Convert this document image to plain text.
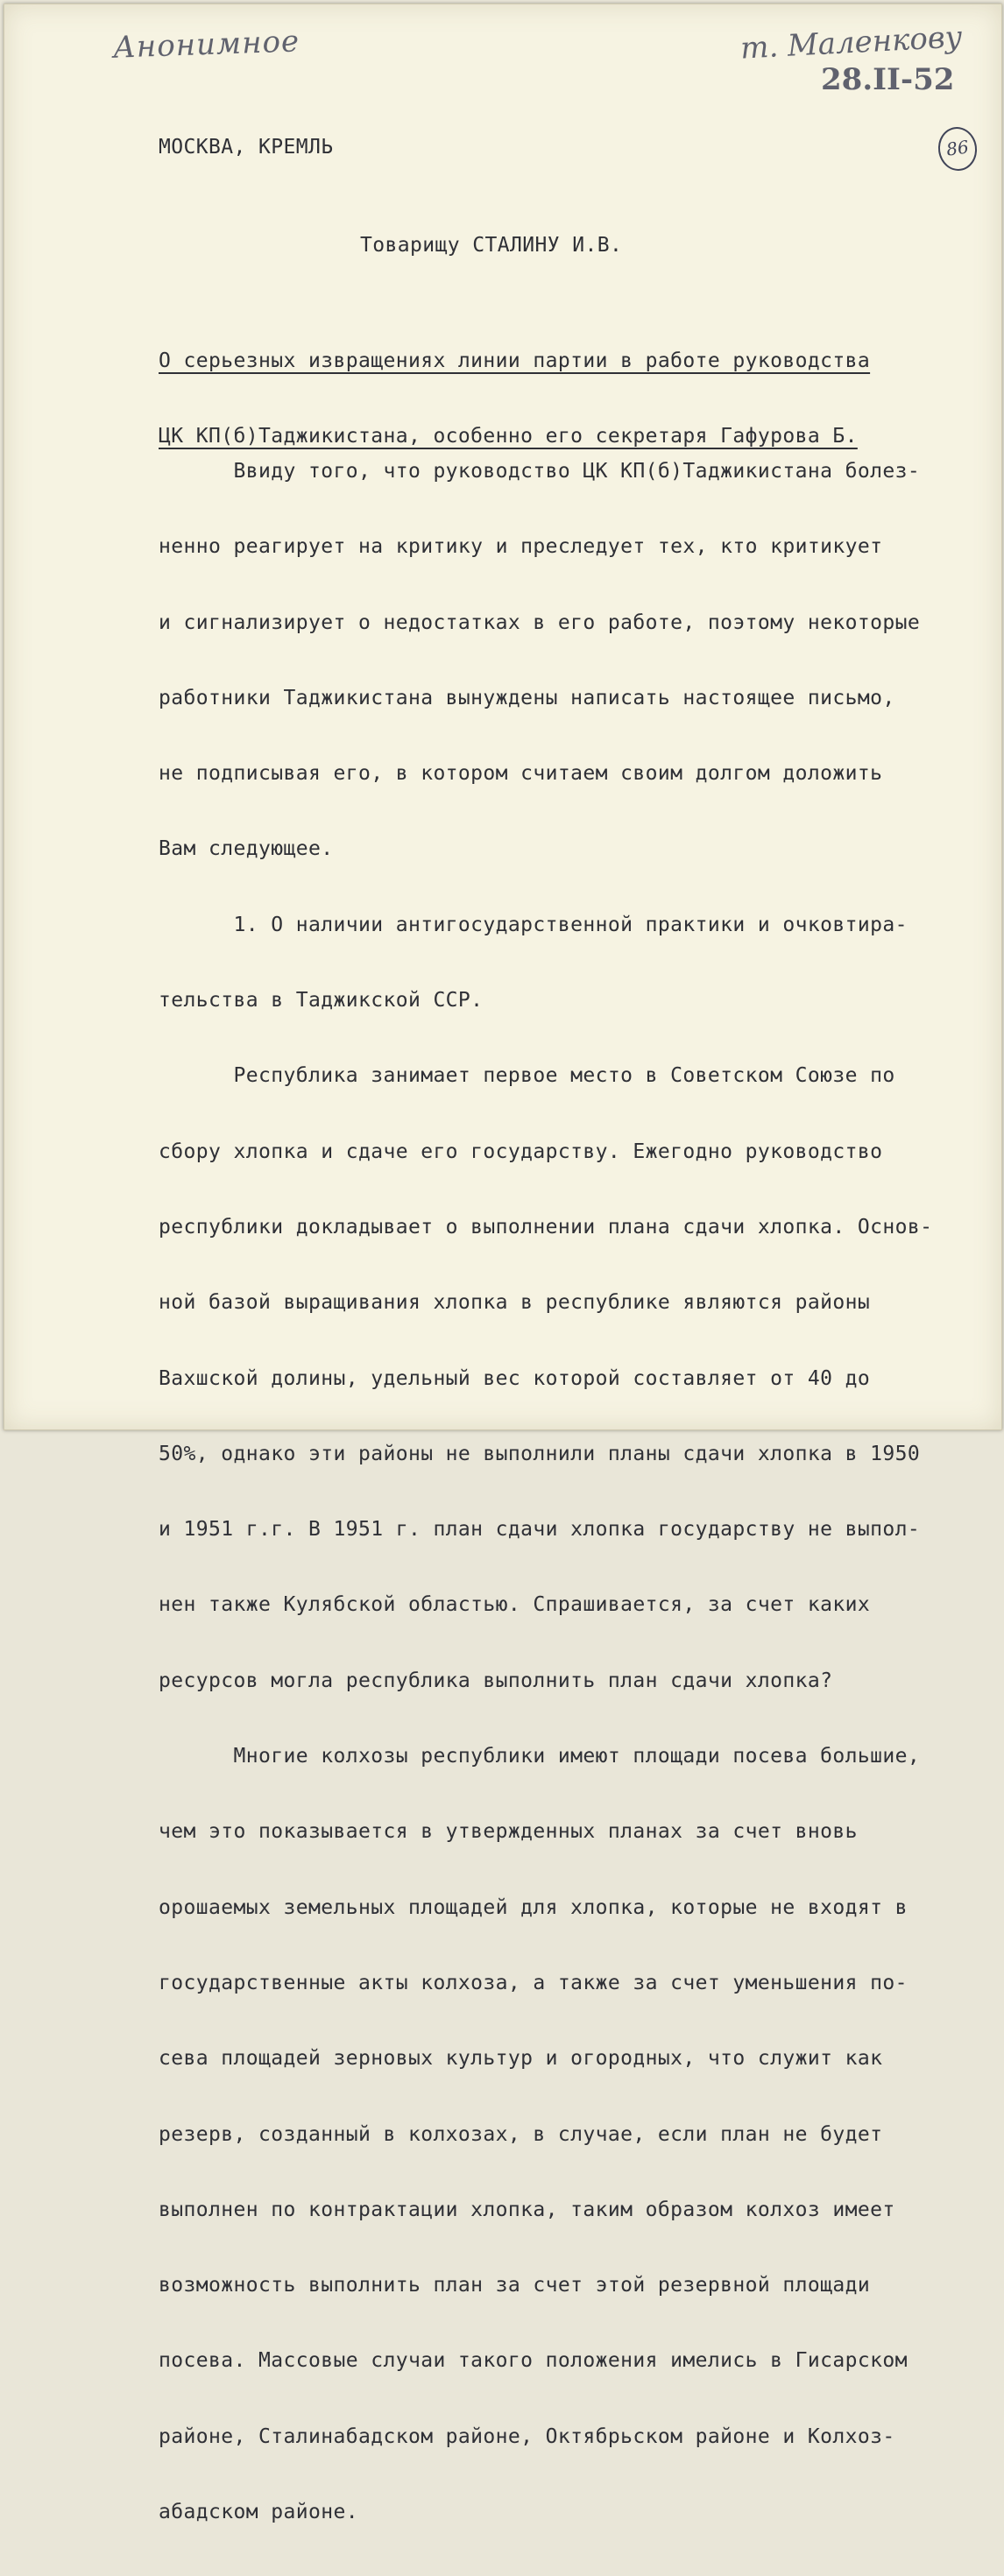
Анонимное	т. Маленкову
28.II-52
86
МОСКВА, КРЕМЛЬ
Товарищу СТАЛИНУ И.В.

О серьезных извращениях линии партии в работе руководства

ЦК КП(б)Таджикистана, особенно его секретаря Гафурова Б.

Ввиду того, что руководство ЦК КП(б)Таджикистана болез-

ненно реагирует на критику и преследует тех, кто критикует

и сигнализирует о недостатках в его работе, поэтому некоторые

работники Таджикистана вынуждены написать настоящее письмо,

не подписывая его, в котором считаем своим долгом доложить

Вам следующее.

1. О наличии антигосударственной практики и очковтира-

тельства в Таджикской ССР.

Республика занимает первое место в Советском Союзе по

сбору хлопка и сдаче его государству. Ежегодно руководство

республики докладывает о выполнении плана сдачи хлопка. Основ-

ной базой выращивания хлопка в республике являются районы

Вахшской долины, удельный вес которой составляет от 40 до

50%, однако эти районы не выполнили планы сдачи хлопка в 1950

и 1951 г.г. В 1951 г. план сдачи хлопка государству не выпол-

нен также Кулябской областью. Спрашивается, за счет каких

ресурсов могла республика выполнить план сдачи хлопка?

Многие колхозы республики имеют площади посева большие,

чем это показывается в утвержденных планах за счет вновь

орошаемых земельных площадей для хлопка, которые не входят в

государственные акты колхоза, а также за счет уменьшения по-

сева площадей зерновых культур и огородных, что служит как

резерв, созданный в колхозах, в случае, если план не будет

выполнен по контрактации хлопка, таким образом колхоз имеет

возможность выполнить план за счет этой резервной площади

посева. Массовые случаи такого положения имелись в Гисарском

районе, Сталинабадском районе, Октябрьском районе и Колхоз-

абадском районе.
